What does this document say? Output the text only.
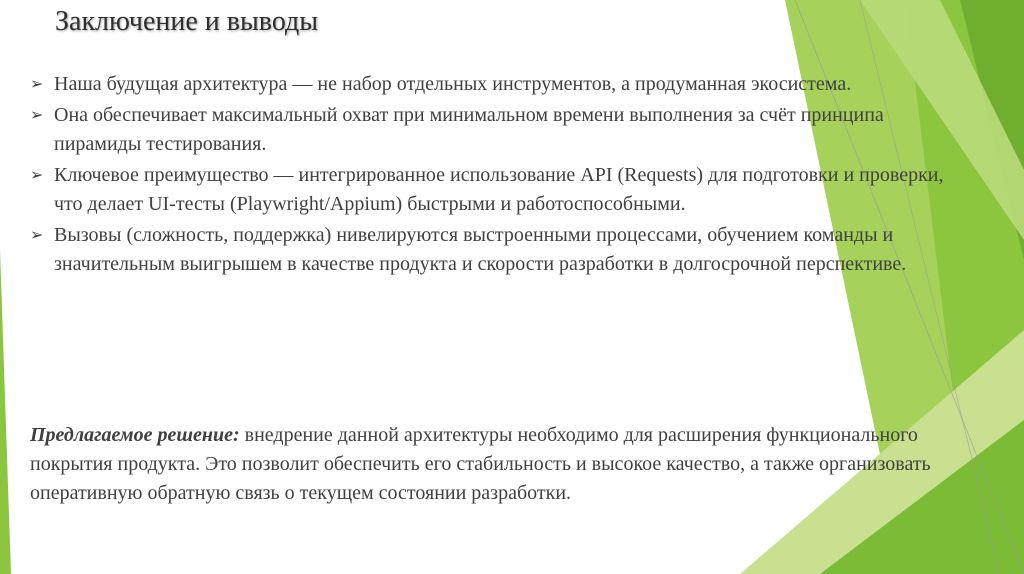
Заключение и выводы
➢ Наша будущая архитектура — не набор отдельных инструментов, а продуманная экосистема.
➢ Она обеспечивает максимальный охват при минимальном времени выполнения за счёт принципа пирамиды тестирования.
➢ Ключевое преимущество — интегрированное использование API (Requests) для подготовки и проверки, что делает UI-тесты (Playwright/Appium) быстрыми и работоспособными.
➢ Вызовы (сложность, поддержка) нивелируются выстроенными процессами, обучением команды и значительным выигрышем в качестве продукта и скорости разработки в долгосрочной перспективе.

Предлагаемое решение: внедрение данной архитектуры необходимо для расширения функционального покрытия продукта. Это позволит обеспечить его стабильность и высокое качество, а также организовать оперативную обратную связь о текущем состоянии разработки.
